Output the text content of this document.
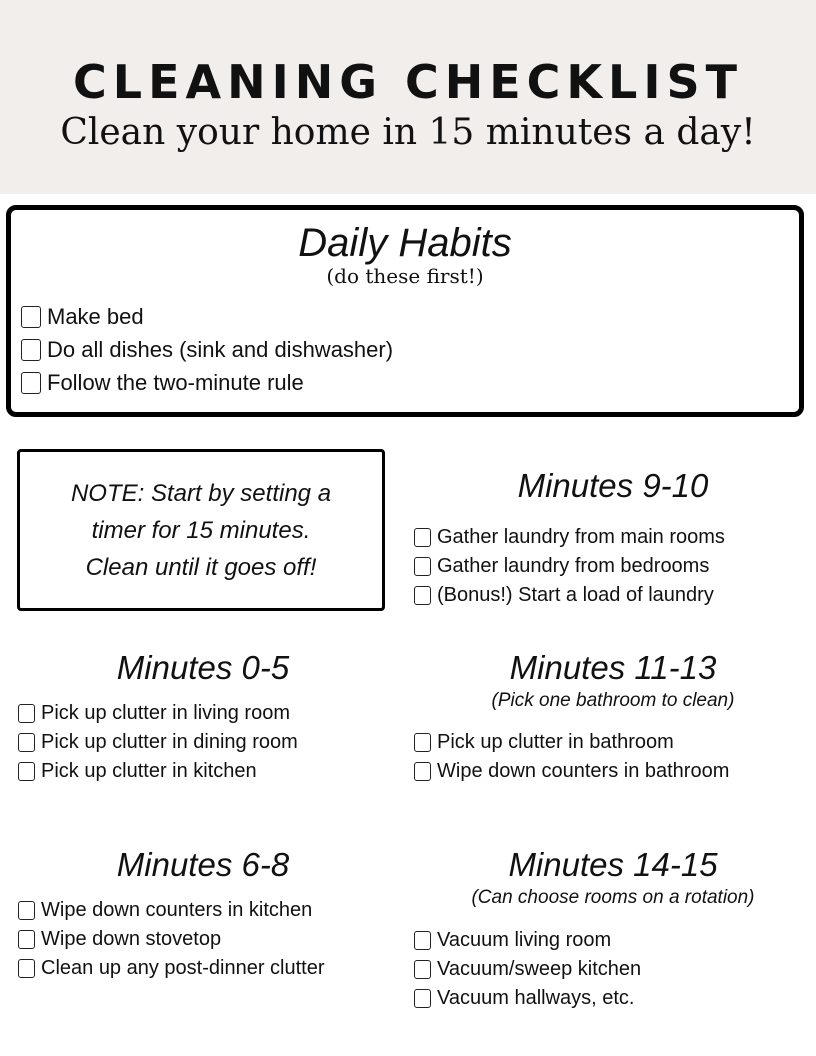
CLEANING CHECKLIST
Clean your home in 15 minutes a day!
Daily Habits
(do these first!)
Make bed
Do all dishes (sink and dishwasher)
Follow the two-minute rule
NOTE: Start by setting a
timer for 15 minutes.
Clean until it goes off!
Minutes 9-10
Gather laundry from main rooms
Gather laundry from bedrooms
(Bonus!) Start a load of laundry
Minutes 0-5
Pick up clutter in living room
Pick up clutter in dining room
Pick up clutter in kitchen
Minutes 11-13
(Pick one bathroom to clean)
Pick up clutter in bathroom
Wipe down counters in bathroom
Minutes 6-8
Wipe down counters in kitchen
Wipe down stovetop
Clean up any post-dinner clutter
Minutes 14-15
(Can choose rooms on a rotation)
Vacuum living room
Vacuum/sweep kitchen
Vacuum hallways, etc.
